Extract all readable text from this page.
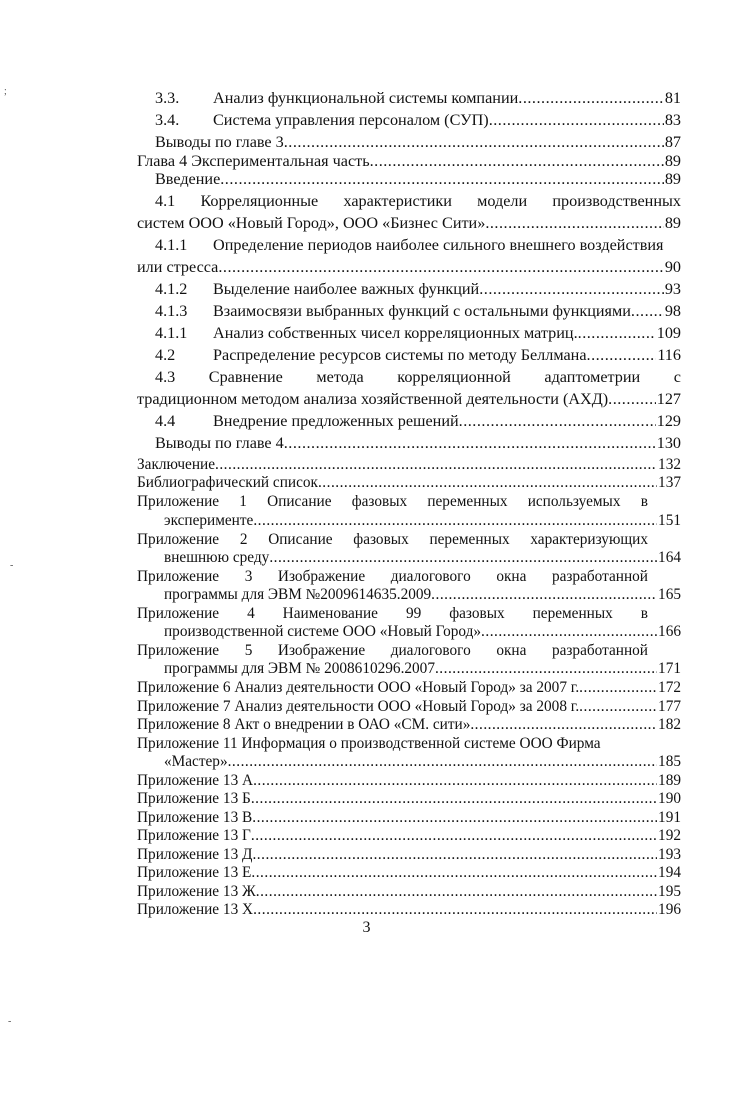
;
-
-
3.3.	Анализ функциональной системы компании .....	81
3.4.	Система управления персоналом (СУП) .....	83
Выводы по главе 3 .....	87
Глава 4 Экспериментальная часть .....	89
Введение .....	89
4.1 Корреляционные характеристики модели производственных
систем ООО «Новый Город», ООО «Бизнес Сити» .....	89
4.1.1	Определение периодов наиболее сильного внешнего воздействия
или стресса .....	90
4.1.2	Выделение наиболее важных функций .....	93
4.1.3	Взаимосвязи выбранных функций с остальными функциями ..... 98
4.1.1	Анализ собственных чисел корреляционных матриц. .....	109
4.2	Распределение ресурсов системы по методу Беллмана .....	116
4.3 Сравнение метода корреляционной адаптометрии с
традиционном методом анализа хозяйственной деятельности (АХД) .....	127
4.4	Внедрение предложенных решений .....	129
Выводы по главе 4 .....	130
Заключение .....	132
Библиографический список .....	137
Приложение 1 Описание фазовых переменных используемых в
эксперименте .....	151
Приложение 2 Описание фазовых переменных характеризующих
внешнюю среду .....	164
Приложение 3 Изображение диалогового окна разработанной
программы для ЭВМ №2009614635.2009 .....	165
Приложение 4 Наименование 99 фазовых переменных в
производственной системе ООО «Новый Город» .....	166
Приложение 5 Изображение диалогового окна разработанной
программы для ЭВМ № 2008610296.2007 .....	171
Приложение 6 Анализ деятельности ООО «Новый Город» за 2007 г. .....	172
Приложение 7 Анализ деятельности ООО «Новый Город» за 2008 г. .....	177
Приложение 8 Акт о внедрении в ОАО «СМ. сити» .....	182
Приложение 11 Информация о производственной системе ООО Фирма
«Мастер» .....	185
Приложение 13 А .....	189
Приложение 13 Б .....	190
Приложение 13 В .....	191
Приложение 13 Г .....	192
Приложение 13 Д .....	193
Приложение 13 Е .....	194
Приложение 13 Ж .....	195
Приложение 13 Х .....	196
3
